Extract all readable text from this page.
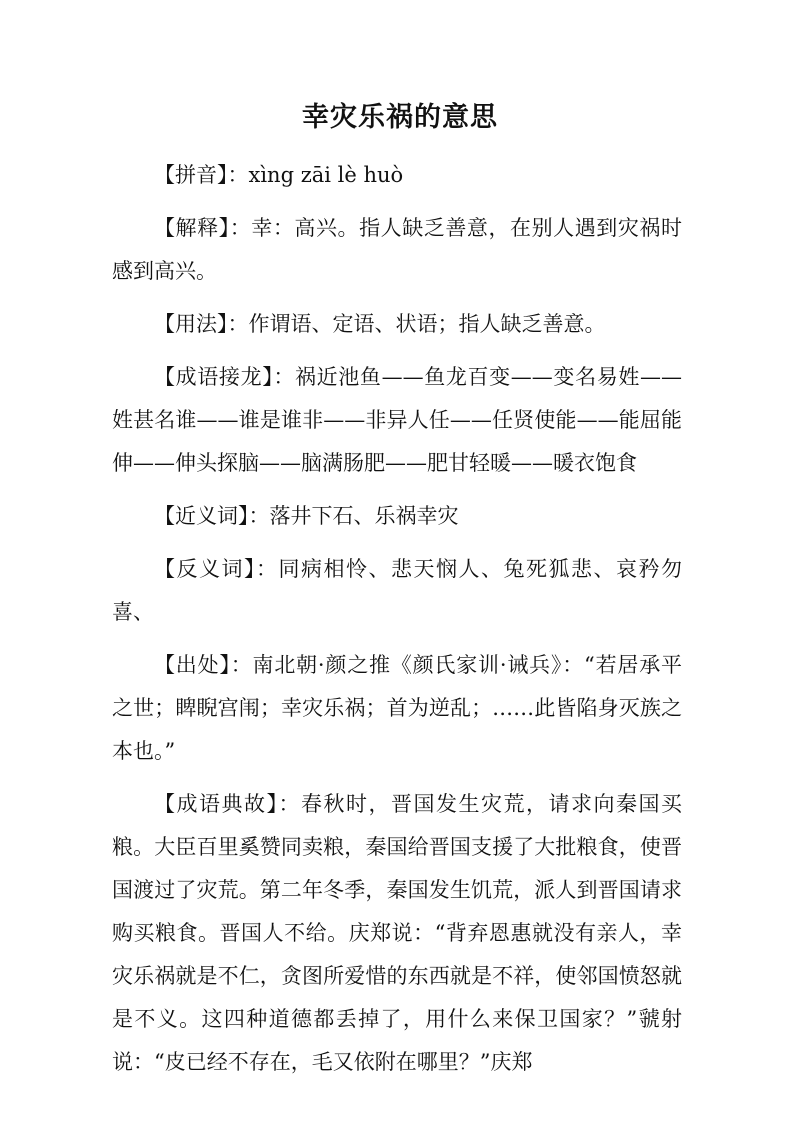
幸灾乐祸的意思

【拼音】：xìng zāi lè huò

【解释】：幸：高兴。指人缺乏善意，在别人遇到灾祸时感到高兴。

【用法】：作谓语、定语、状语；指人缺乏善意。

【成语接龙】：祸近池鱼——鱼龙百变——变名易姓——姓甚名谁——谁是谁非——非异人任——任贤使能——能屈能伸——伸头探脑——脑满肠肥——肥甘轻暖——暖衣饱食

【近义词】：落井下石、乐祸幸灾

【反义词】：同病相怜、悲天悯人、兔死狐悲、哀矜勿喜、

【出处】：南北朝·颜之推《颜氏家训·诫兵》：“若居承平之世；睥睨宫闱；幸灾乐祸；首为逆乱；……此皆陷身灭族之本也。”

【成语典故】：春秋时，晋国发生灾荒，请求向秦国买粮。大臣百里奚赞同卖粮，秦国给晋国支援了大批粮食，使晋国渡过了灾荒。第二年冬季，秦国发生饥荒，派人到晋国请求购买粮食。晋国人不给。庆郑说：“背弃恩惠就没有亲人，幸灾乐祸就是不仁，贪图所爱惜的东西就是不祥，使邻国愤怒就是不义。这四种道德都丢掉了，用什么来保卫国家？”虢射说：“皮已经不存在，毛又依附在哪里？”庆郑
